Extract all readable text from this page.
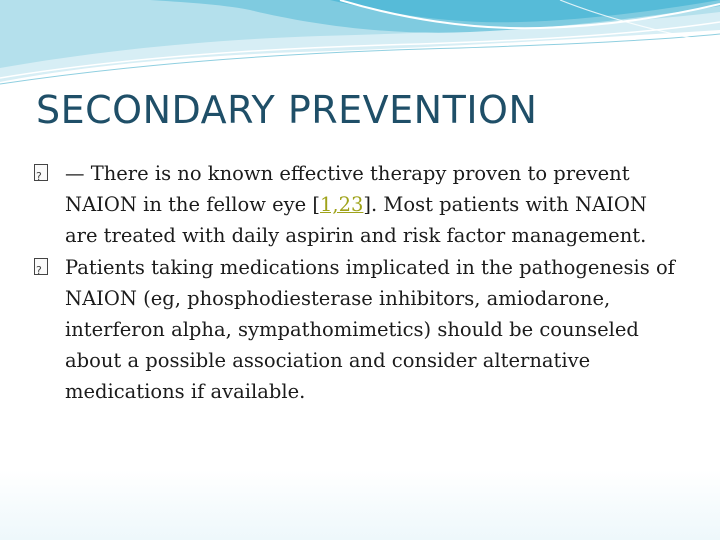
SECONDARY PREVENTION

?— There is no known effective therapy proven to prevent NAION in the fellow eye [1,23]. Most patients with NAION are treated with daily aspirin and risk factor management.

?Patients taking medications implicated in the pathogenesis of NAION (eg, phosphodiesterase inhibitors, amiodarone, interferon alpha, sympathomimetics) should be counseled about a possible association and consider alternative medications if available.
